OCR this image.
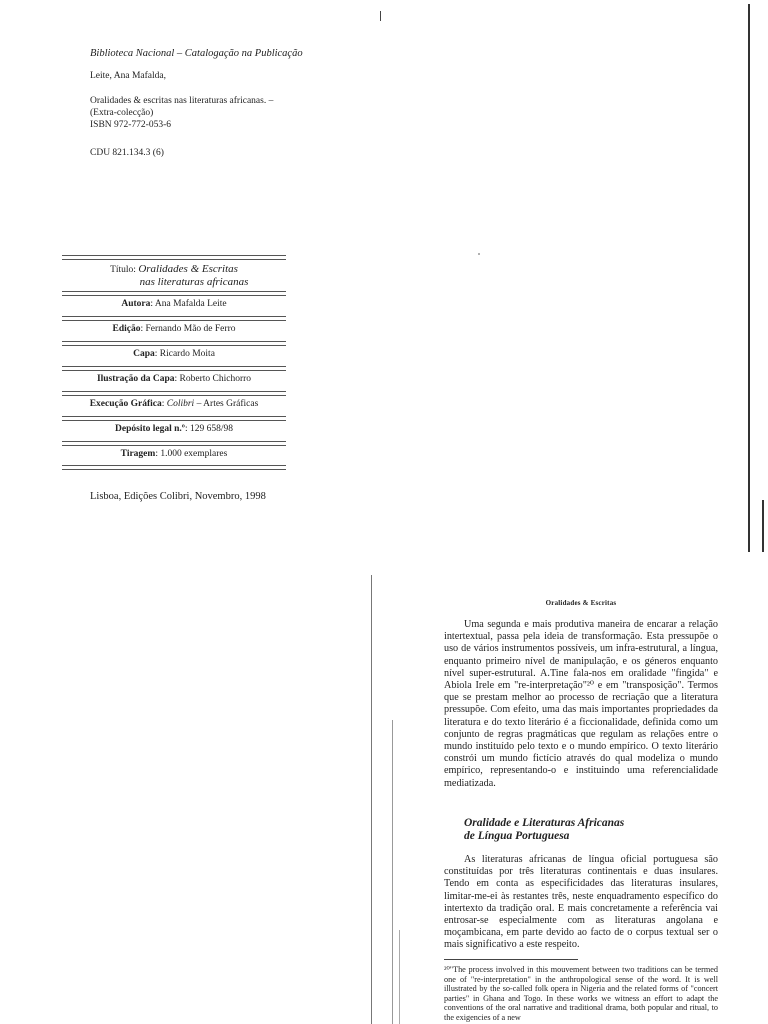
Biblioteca Nacional – Catalogação na Publicação
Leite, Ana Mafalda,
Oralidades & escritas nas literaturas africanas. –
(Extra-colecção)
ISBN 972-772-053-6
CDU 821.134.3 (6)
Título: Oralidades & Escritas
nas literaturas africanas
Autora: Ana Mafalda Leite
Edição: Fernando Mão de Ferro
Capa: Ricardo Moita
Ilustração da Capa: Roberto Chichorro
Execução Gráfica: Colibri – Artes Gráficas
Depósito legal n.º: 129 658/98
Tiragem: 1.000 exemplares
Lisboa, Edições Colibri, Novembro, 1998
Oralidades & Escritas

Uma segunda e mais produtiva maneira de encarar a relação intertextual, passa pela ideia de transformação. Esta pressupõe o uso de vários instrumentos possíveis, um infra-estrutural, a língua, enquanto primeiro nível de manipulação, e os géneros enquanto nível super-estrutural. A.Tine fala-nos em oralidade "fingida" e Abiola Irele em "re-interpretação"²⁰ e em "transposição". Termos que se prestam melhor ao processo de recriação que a literatura pressupõe. Com efeito, uma das mais importantes propriedades da literatura e do texto literário é a ficcionalidade, definida como um conjunto de regras pragmáticas que regulam as relações entre o mundo instituído pelo texto e o mundo empírico. O texto literário constrói um mundo fictício através do qual modeliza o mundo empírico, representando-o e instituindo uma referencialidade mediatizada.

Oralidade e Literaturas Africanas
de Língua Portuguesa

As literaturas africanas de língua oficial portuguesa são constituídas por três literaturas continentais e duas insulares. Tendo em conta as especificidades das literaturas insulares, limitar-me-ei às restantes três, neste enquadramento específico do intertexto da tradição oral. E mais concretamente a referência vai entrosar-se especialmente com as literaturas angolana e moçambicana, em parte devido ao facto de o corpus textual ser o mais significativo a este respeito.

²⁰"The process involved in this mouvement between two traditions can be termed one of "re-interpretation" in the anthropological sense of the word. It is well illustrated by the so-called folk opera in Nigeria and the related forms of "concert parties" in Ghana and Togo. In these works we witness an effort to adapt the conventions of the oral narrative and traditional drama, both popular and ritual, to the exigencies of a new
